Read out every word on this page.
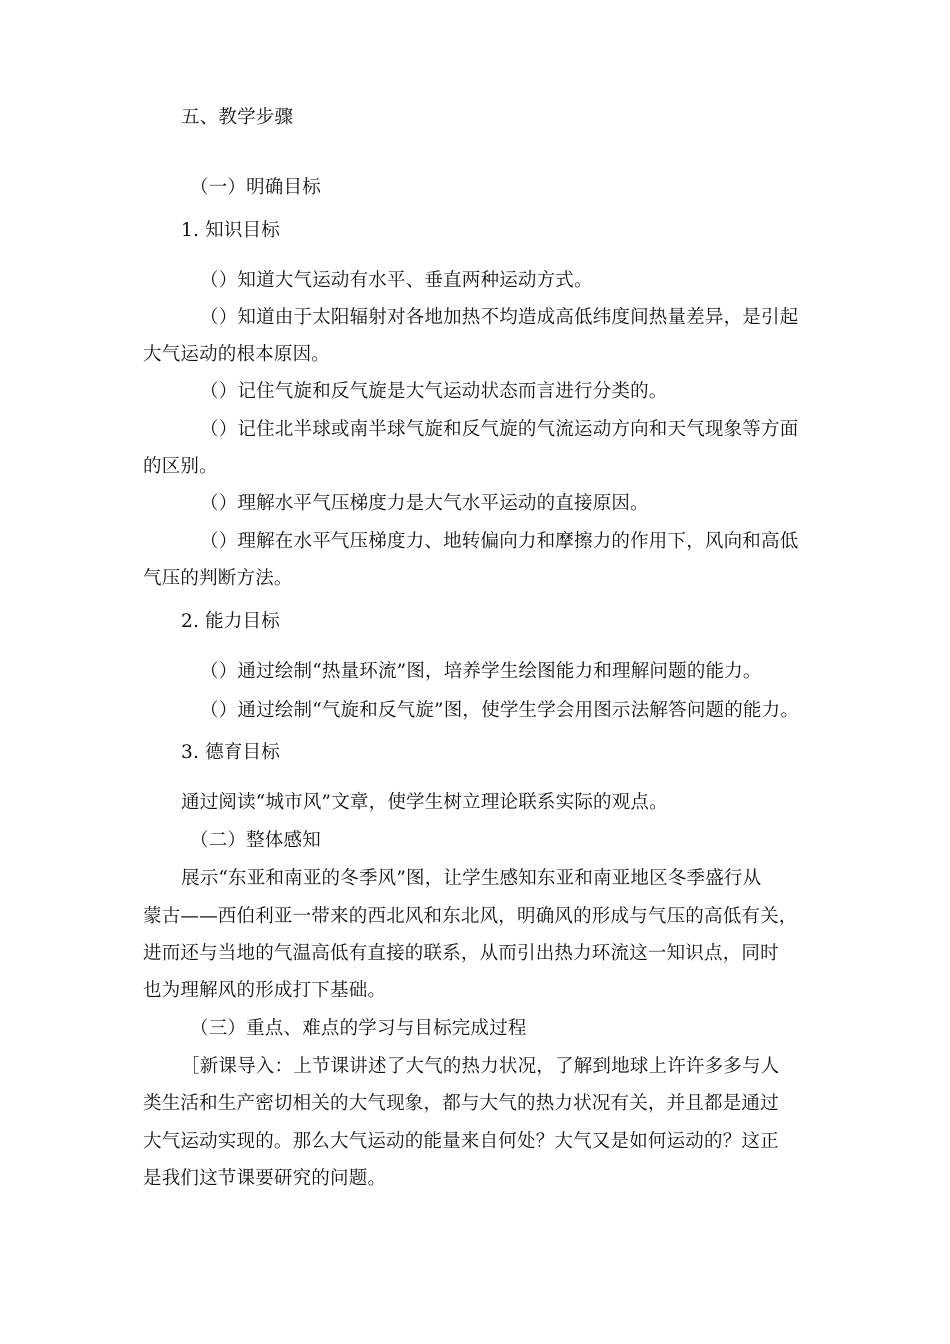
五、教学步骤
（一）明确目标
1. 知识目标
（）知道大气运动有水平、垂直两种运动方式。
（）知道由于太阳辐射对各地加热不均造成高低纬度间热量差异，是引起
大气运动的根本原因。
（）记住气旋和反气旋是大气运动状态而言进行分类的。
（）记住北半球或南半球气旋和反气旋的气流运动方向和天气现象等方面
的区别。
（）理解水平气压梯度力是大气水平运动的直接原因。
（）理解在水平气压梯度力、地转偏向力和摩擦力的作用下，风向和高低
气压的判断方法。
2. 能力目标
（）通过绘制“热量环流”图，培养学生绘图能力和理解问题的能力。
（）通过绘制“气旋和反气旋”图，使学生学会用图示法解答问题的能力。
3. 德育目标
通过阅读“城市风”文章，使学生树立理论联系实际的观点。
（二）整体感知
展示“东亚和南亚的冬季风”图，让学生感知东亚和南亚地区冬季盛行从
蒙古——西伯利亚一带来的西北风和东北风，明确风的形成与气压的高低有关，
进而还与当地的气温高低有直接的联系，从而引出热力环流这一知识点，同时
也为理解风的形成打下基础。
（三）重点、难点的学习与目标完成过程
［新课导入：上节课讲述了大气的热力状况，了解到地球上许许多多与人
类生活和生产密切相关的大气现象，都与大气的热力状况有关，并且都是通过
大气运动实现的。那么大气运动的能量来自何处？大气又是如何运动的？这正
是我们这节课要研究的问题。
